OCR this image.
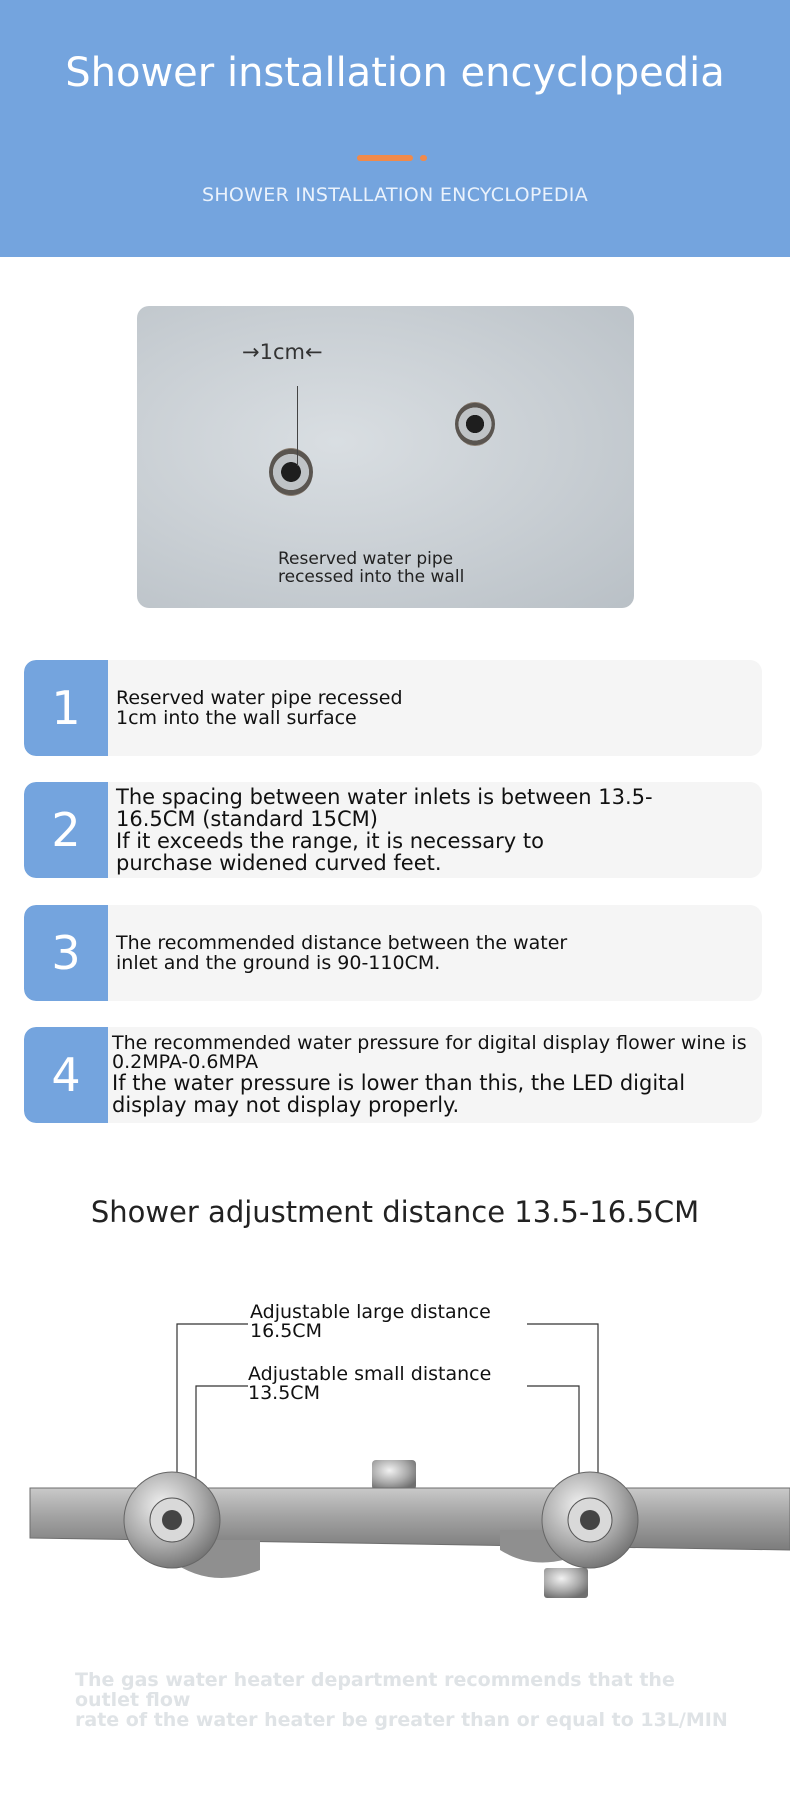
Shower installation encyclopedia
SHOWER INSTALLATION ENCYCLOPEDIA
→1cm←
Reserved water pipe
recessed into the wall
1	Reserved water pipe recessed
1cm into the wall surface
2
The spacing between water inlets is between 13.5-
16.5CM (standard 15CM)
If it exceeds the range, it is necessary to
purchase widened curved feet.
3	The recommended distance between the water
inlet and the ground is 90-110CM.
4
The recommended water pressure for digital display flower wine is
0.2MPA-0.6MPA
If the water pressure is lower than this, the LED digital
display may not display properly.
Shower adjustment distance 13.5-16.5CM
Adjustable large distance
16.5CM
Adjustable small distance
13.5CM
The gas water heater department recommends that the outlet flow
rate of the water heater be greater than or equal to 13L/MIN
